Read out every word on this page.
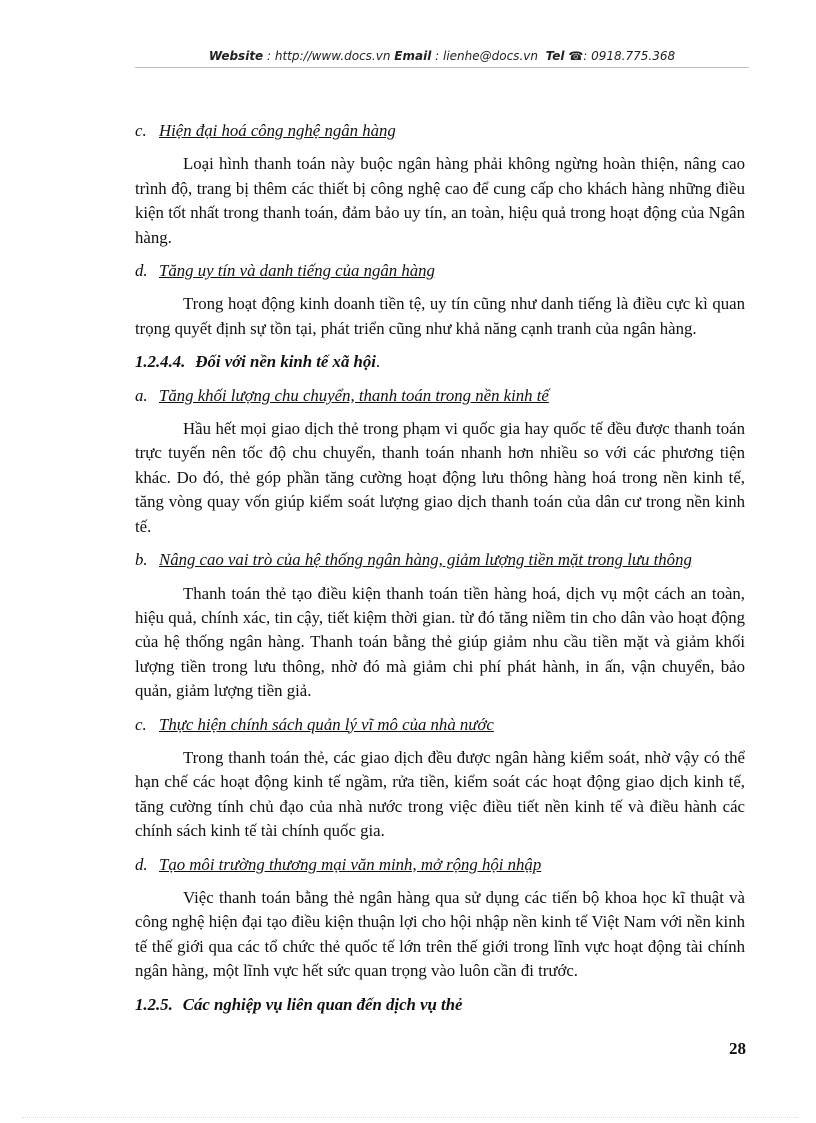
Website : http://www.docs.vn Email : lienhe@docs.vn Tel ☎: 0918.775.368
c. Hiện đại hoá công nghệ ngân hàng

Loại hình thanh toán này buộc ngân hàng phải không ngừng hoàn thiện, nâng cao trình độ, trang bị thêm các thiết bị công nghệ cao để cung cấp cho khách hàng những điều kiện tốt nhất trong thanh toán, đảm bảo uy tín, an toàn, hiệu quả trong hoạt động của Ngân hàng.

d. Tăng uy tín và danh tiếng của ngân hàng

Trong hoạt động kinh doanh tiền tệ, uy tín cũng như danh tiếng là điều cực kì quan trọng quyết định sự tồn tại, phát triển cũng như khả năng cạnh tranh của ngân hàng.

1.2.4.4. Đối với nền kinh tế xã hội.
a. Tăng khối lượng chu chuyển, thanh toán trong nền kinh tế

Hầu hết mọi giao dịch thẻ trong phạm vi quốc gia hay quốc tế đều được thanh toán trực tuyến nên tốc độ chu chuyển, thanh toán nhanh hơn nhiều so với các phương tiện khác. Do đó, thẻ góp phần tăng cường hoạt động lưu thông hàng hoá trong nền kinh tế, tăng vòng quay vốn giúp kiểm soát lượng giao dịch thanh toán của dân cư trong nền kinh tế.

b. Nâng cao vai trò của hệ thống ngân hàng, giảm lượng tiền mặt trong lưu thông

Thanh toán thẻ tạo điều kiện thanh toán tiền hàng hoá, dịch vụ một cách an toàn, hiệu quả, chính xác, tin cậy, tiết kiệm thời gian. từ đó tăng niềm tin cho dân vào hoạt động của hệ thống ngân hàng. Thanh toán bằng thẻ giúp giảm nhu cầu tiền mặt và giảm khối lượng tiền trong lưu thông, nhờ đó mà giảm chi phí phát hành, in ấn, vận chuyển, bảo quản, giảm lượng tiền giả.

c. Thực hiện chính sách quản lý vĩ mô của nhà nước

Trong thanh toán thẻ, các giao dịch đều được ngân hàng kiểm soát, nhờ vậy có thể hạn chế các hoạt động kinh tế ngầm, rửa tiền, kiểm soát các hoạt động giao dịch kinh tế, tăng cường tính chủ đạo của nhà nước trong việc điều tiết nền kinh tế và điều hành các chính sách kinh tế tài chính quốc gia.

d. Tạo môi trường thương mại văn minh, mở rộng hội nhập

Việc thanh toán bằng thẻ ngân hàng qua sử dụng các tiến bộ khoa học kĩ thuật và công nghệ hiện đại tạo điều kiện thuận lợi cho hội nhập nền kinh tế Việt Nam với nền kinh tế thế giới qua các tổ chức thẻ quốc tế lớn trên thế giới trong lĩnh vực hoạt động tài chính ngân hàng, một lĩnh vực hết sức quan trọng vào luôn cần đi trước.

1.2.5. Các nghiệp vụ liên quan đến dịch vụ thẻ
28
